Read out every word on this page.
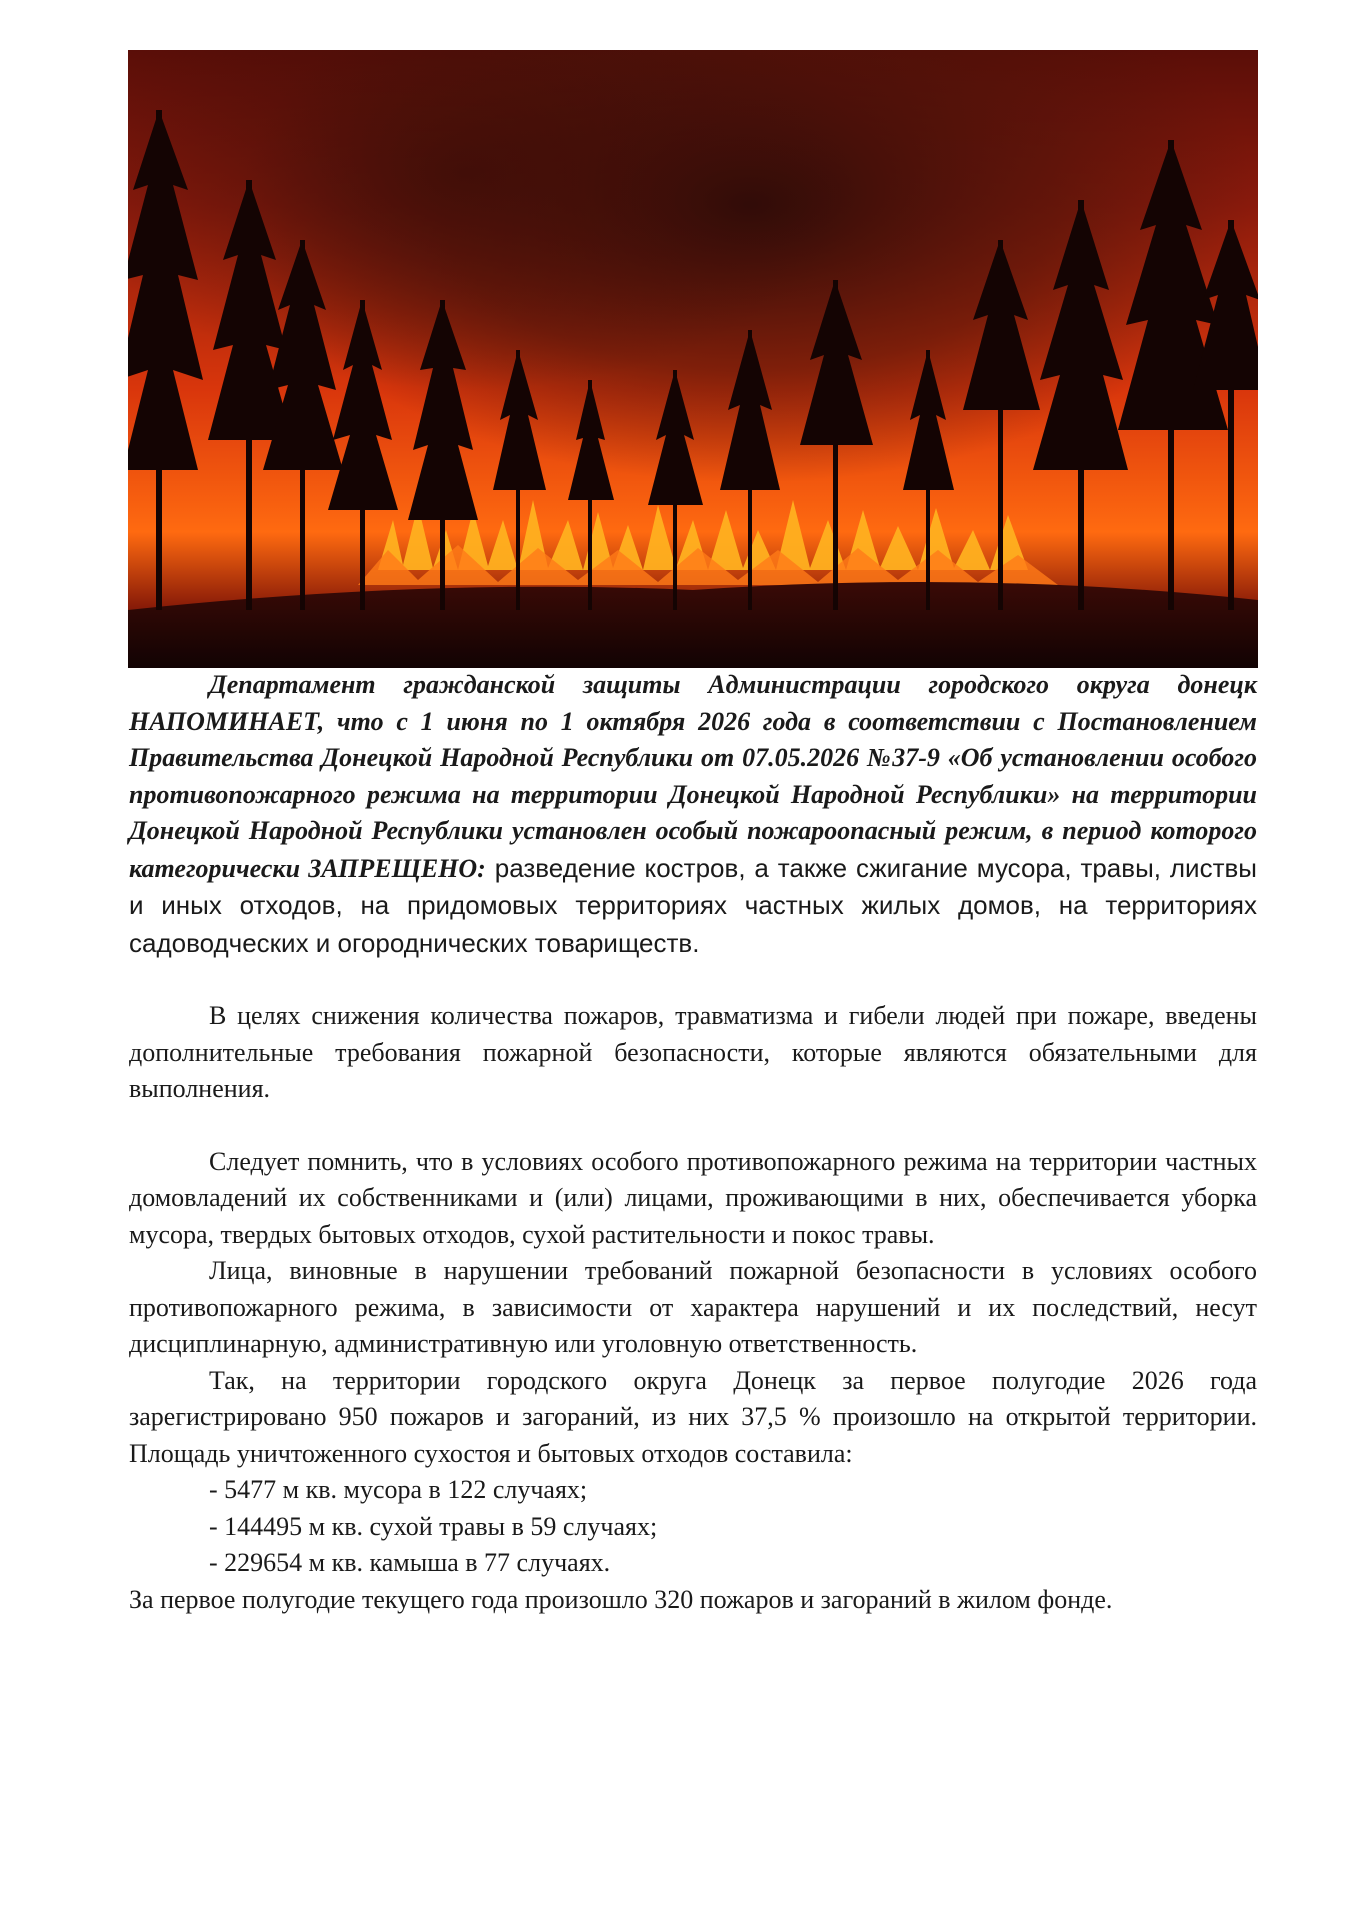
Департамент гражданской защиты Администрации городского округа донецк НАПОМИНАЕТ, что с 1 июня по 1 октября 2026 года в соответствии с Постановлением Правительства Донецкой Народной Республики от 07.05.2026 №37-9 «Об установлении особого противопожарного режима на территории Донецкой Народной Республики» на территории Донецкой Народной Республики установлен особый пожароопасный режим, в период которого категорически ЗАПРЕЩЕНО: разведение костров, а также сжигание мусора, травы, листвы и иных отходов, на придомовых территориях частных жилых домов, на территориях садоводческих и огороднических товариществ.

В целях снижения количества пожаров, травматизма и гибели людей при пожаре, введены дополнительные требования пожарной безопасности, которые являются обязательными для выполнения.

Следует помнить, что в условиях особого противопожарного режима на территории частных домовладений их собственниками и (или) лицами, проживающими в них, обеспечивается уборка мусора, твердых бытовых отходов, сухой растительности и покос травы.

Лица, виновные в нарушении требований пожарной безопасности в условиях особого противопожарного режима, в зависимости от характера нарушений и их последствий, несут дисциплинарную, административную или уголовную ответственность.

Так, на территории городского округа Донецк за первое полугодие 2026 года зарегистрировано 950 пожаров и загораний, из них 37,5 % произошло на открытой территории. Площадь уничтоженного сухостоя и бытовых отходов составила:

- 5477 м кв. мусора в 122 случаях;
- 144495 м кв. сухой травы в 59 случаях;
- 229654 м кв. камыша в 77 случаях.

За первое полугодие текущего года произошло 320 пожаров и загораний в жилом фонде.
